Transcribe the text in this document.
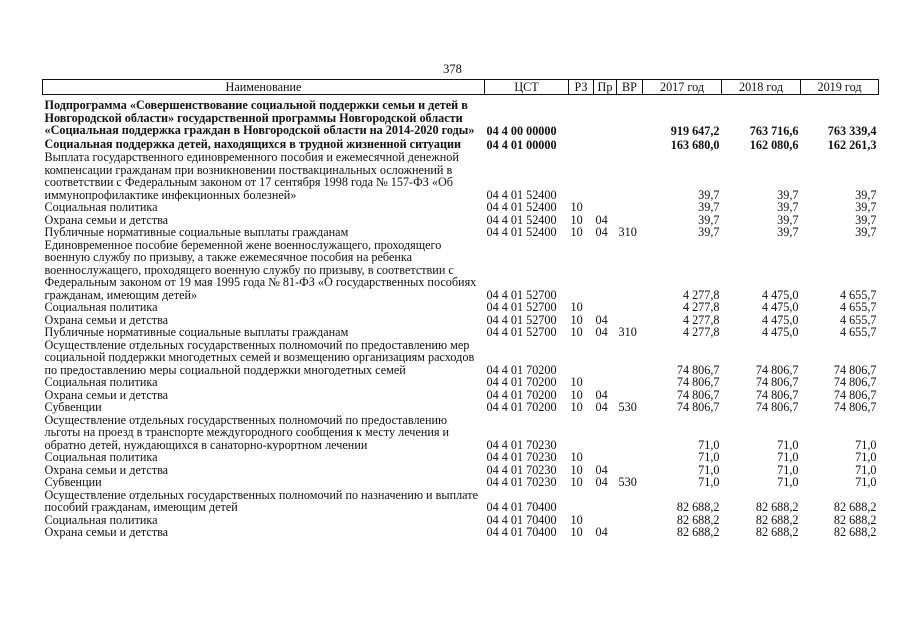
378
Наименование	ЦСТ	РЗ	Пр	ВР	2017 год	2018 год	2019 год
Подпрограмма «Совершенствование социальной поддержки семьи и детей в Новгородской области» государственной программы Новгородской области «Социальная поддержка граждан в Новгородской области на 2014-2020 годы»	04 4 00 00000				919 647,2	763 716,6	763 339,4
Социальная поддержка детей, находящихся в трудной жизненной ситуации	04 4 01 00000				163 680,0	162 080,6	162 261,3
Выплата государственного единовременного пособия и ежемесячной денежной компенсации гражданам при возникновении поствакцинальных осложнений в соответствии с Федеральным законом от 17 сентября 1998 года № 157-ФЗ «Об иммунопрофилактике инфекционных болезней»	04 4 01 52400				39,7	39,7	39,7
Социальная политика	04 4 01 52400	10			39,7	39,7	39,7
Охрана семьи и детства	04 4 01 52400	10	04		39,7	39,7	39,7
Публичные нормативные социальные выплаты гражданам	04 4 01 52400	10	04	310	39,7	39,7	39,7
Единовременное пособие беременной жене военнослужащего, проходящего военную службу по призыву, а также ежемесячное пособия на ребенка военнослужащего, проходящего военную службу по призыву, в соответствии с Федеральным законом от 19 мая 1995 года № 81-ФЗ «О государственных пособиях гражданам, имеющим детей»	04 4 01 52700				4 277,8	4 475,0	4 655,7
Социальная политика	04 4 01 52700	10			4 277,8	4 475,0	4 655,7
Охрана семьи и детства	04 4 01 52700	10	04		4 277,8	4 475,0	4 655,7
Публичные нормативные социальные выплаты гражданам	04 4 01 52700	10	04	310	4 277,8	4 475,0	4 655,7
Осуществление отдельных государственных полномочий по предоставлению мер социальной поддержки многодетных семей и возмещению организациям расходов по предоставлению меры социальной поддержки многодетных семей	04 4 01 70200				74 806,7	74 806,7	74 806,7
Социальная политика	04 4 01 70200	10			74 806,7	74 806,7	74 806,7
Охрана семьи и детства	04 4 01 70200	10	04		74 806,7	74 806,7	74 806,7
Субвенции	04 4 01 70200	10	04	530	74 806,7	74 806,7	74 806,7
Осуществление отдельных государственных полномочий по предоставлению льготы на проезд в транспорте междугородного сообщения к месту лечения и обратно детей, нуждающихся в санаторно-курортном лечении	04 4 01 70230				71,0	71,0	71,0
Социальная политика	04 4 01 70230	10			71,0	71,0	71,0
Охрана семьи и детства	04 4 01 70230	10	04		71,0	71,0	71,0
Субвенции	04 4 01 70230	10	04	530	71,0	71,0	71,0
Осуществление отдельных государственных полномочий по назначению и выплате пособий гражданам, имеющим детей	04 4 01 70400				82 688,2	82 688,2	82 688,2
Социальная политика	04 4 01 70400	10			82 688,2	82 688,2	82 688,2
Охрана семьи и детства	04 4 01 70400	10	04		82 688,2	82 688,2	82 688,2
